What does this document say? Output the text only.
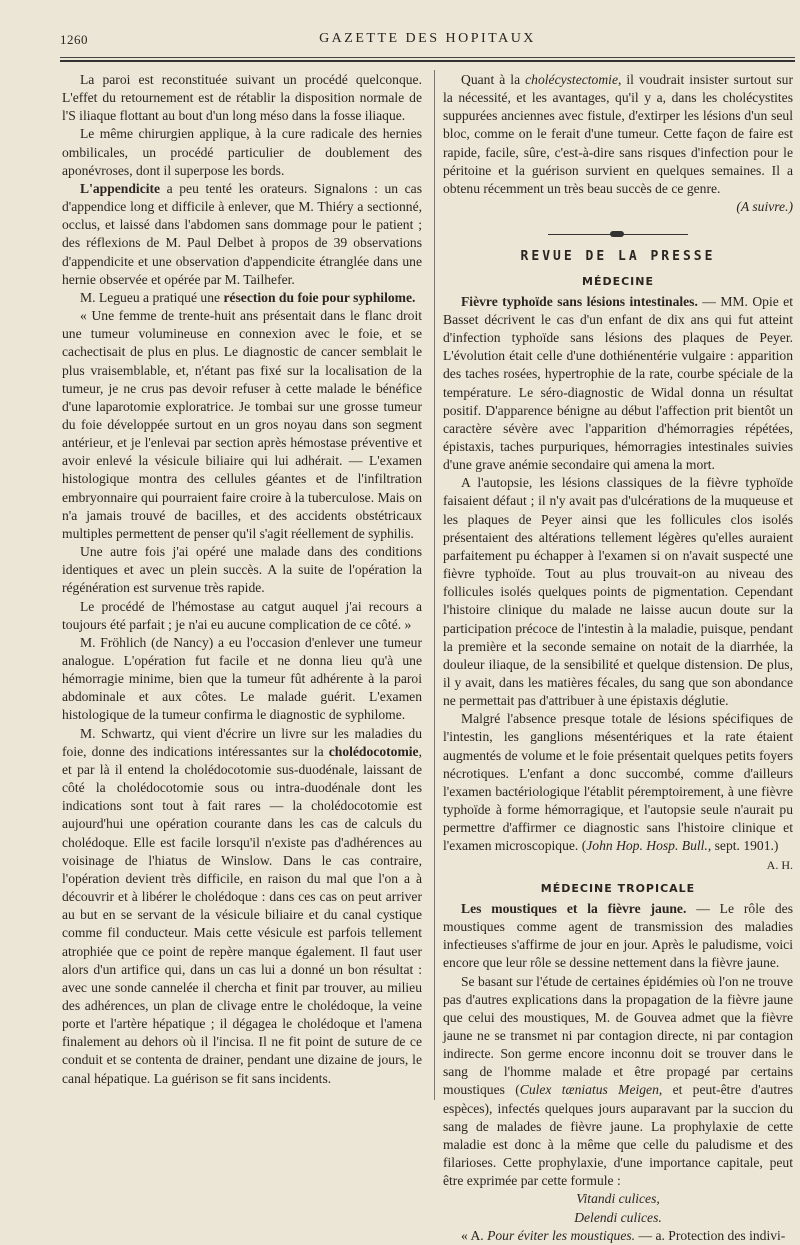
1260	GAZETTE DES HOPITAUX

La paroi est reconstituée suivant un procédé quelconque. L'effet du retournement est de rétablir la disposition normale de l'S iliaque flottant au bout d'un long méso dans la fosse iliaque.

Le même chirurgien applique, à la cure radicale des hernies ombilicales, un procédé particulier de doublement des aponévroses, dont il superpose les bords.

L'appendicite a peu tenté les orateurs. Signalons : un cas d'appendice long et difficile à enlever, que M. Thiéry a sectionné, occlus, et laissé dans l'abdomen sans dommage pour le patient ; des réflexions de M. Paul Delbet à propos de 39 observations d'appendicite et une observation d'appendicite étranglée dans une hernie observée et opérée par M. Tailhefer.

M. Legueu a pratiqué une résection du foie pour syphilome.

« Une femme de trente-huit ans présentait dans le flanc droit une tumeur volumineuse en connexion avec le foie, et se cachectisait de plus en plus. Le diagnostic de cancer semblait le plus vraisemblable, et, n'étant pas fixé sur la localisation de la tumeur, je ne crus pas devoir refuser à cette malade le bénéfice d'une laparotomie exploratrice. Je tombai sur une grosse tumeur du foie développée surtout en un gros noyau dans son segment antérieur, et je l'enlevai par section après hémostase préventive et avoir enlevé la vésicule biliaire qui lui adhérait. — L'examen histologique montra des cellules géantes et de l'infiltration embryonnaire qui pourraient faire croire à la tuberculose. Mais on n'a jamais trouvé de bacilles, et des accidents obstétricaux multiples permettent de penser qu'il s'agit réellement de syphilis.

Une autre fois j'ai opéré une malade dans des conditions identiques et avec un plein succès. A la suite de l'opération la régénération est survenue très rapide.

Le procédé de l'hémostase au catgut auquel j'ai recours a toujours été parfait ; je n'ai eu aucune complication de ce côté. »

M. Fröhlich (de Nancy) a eu l'occasion d'enlever une tumeur analogue. L'opération fut facile et ne donna lieu qu'à une hémorragie minime, bien que la tumeur fût adhérente à la paroi abdominale et aux côtes. Le malade guérit. L'examen histologique de la tumeur confirma le diagnostic de syphilome.

M. Schwartz, qui vient d'écrire un livre sur les maladies du foie, donne des indications intéressantes sur la cholédocotomie, et par là il entend la cholédocotomie sus-duodénale, laissant de côté la cholédocotomie sous ou intra-duodénale dont les indications sont tout à fait rares — la cholédocotomie est aujourd'hui une opération courante dans les cas de calculs du cholédoque. Elle est facile lorsqu'il n'existe pas d'adhérences au voisinage de l'hiatus de Winslow. Dans le cas contraire, l'opération devient très difficile, en raison du mal que l'on a à découvrir et à libérer le cholédoque : dans ces cas on peut arriver au but en se servant de la vésicule biliaire et du canal cystique comme fil conducteur. Mais cette vésicule est parfois tellement atrophiée que ce point de repère manque également. Il faut user alors d'un artifice qui, dans un cas lui a donné un bon résultat : avec une sonde cannelée il chercha et finit par trouver, au milieu des adhérences, un plan de clivage entre le cholédoque, la veine porte et l'artère hépatique ; il dégagea le cholédoque et l'amena finalement au dehors où il l'incisa. Il ne fit point de suture de ce conduit et se contenta de drainer, pendant une dizaine de jours, le canal hépatique. La guérison se fit sans incidents.

Quant à la cholécystectomie, il voudrait insister surtout sur la nécessité, et les avantages, qu'il y a, dans les cholécystites suppurées anciennes avec fistule, d'extirper les lésions d'un seul bloc, comme on le ferait d'une tumeur. Cette façon de faire est rapide, facile, sûre, c'est-à-dire sans risques d'infection pour le péritoine et la guérison survient en quelques semaines. Il a obtenu récemment un très beau succès de ce genre.
(A suivre.)

REVUE DE LA PRESSE
MÉDECINE

Fièvre typhoïde sans lésions intestinales. — MM. Opie et Basset décrivent le cas d'un enfant de dix ans qui fut atteint d'infection typhoïde sans lésions des plaques de Peyer. L'évolution était celle d'une dothiénentérie vulgaire : apparition des taches rosées, hypertrophie de la rate, courbe spéciale de la température. Le séro-diagnostic de Widal donna un résultat positif. D'apparence bénigne au début l'affection prit bientôt un caractère sévère avec l'apparition d'hémorragies répétées, épistaxis, taches purpuriques, hémorragies intestinales suivies d'une grave anémie secondaire qui amena la mort.

A l'autopsie, les lésions classiques de la fièvre typhoïde faisaient défaut ; il n'y avait pas d'ulcérations de la muqueuse et les plaques de Peyer ainsi que les follicules clos isolés présentaient des altérations tellement légères qu'elles auraient parfaitement pu échapper à l'examen si on n'avait suspecté une fièvre typhoïde. Tout au plus trouvait-on au niveau des follicules isolés quelques points de pigmentation. Cependant l'histoire clinique du malade ne laisse aucun doute sur la participation précoce de l'intestin à la maladie, puisque, pendant la première et la seconde semaine on notait de la diarrhée, la douleur iliaque, de la sensibilité et quelque distension. De plus, il y avait, dans les matières fécales, du sang que son abondance ne permettait pas d'attribuer à une épistaxis déglutie.

Malgré l'absence presque totale de lésions spécifiques de l'intestin, les ganglions mésentériques et la rate étaient augmentés de volume et le foie présentait quelques petits foyers nécrotiques. L'enfant a donc succombé, comme d'ailleurs l'examen bactériologique l'établit péremptoirement, à une fièvre typhoïde à forme hémorragique, et l'autopsie seule n'aurait pu permettre d'affirmer ce diagnostic sans l'histoire clinique et l'examen microscopique. (John Hop. Hosp. Bull., sept. 1901.)
A. H.

MÉDECINE TROPICALE

Les moustiques et la fièvre jaune. — Le rôle des moustiques comme agent de transmission des maladies infectieuses s'affirme de jour en jour. Après le paludisme, voici encore que leur rôle se dessine nettement dans la fièvre jaune.

Se basant sur l'étude de certaines épidémies où l'on ne trouve pas d'autres explications dans la propagation de la fièvre jaune que celui des moustiques, M. de Gouvea admet que la fièvre jaune ne se transmet ni par contagion directe, ni par contagion indirecte. Son germe encore inconnu doit se trouver dans le sang de l'homme malade et être propagé par certains moustiques (Culex tæniatus Meigen, et peut-être d'autres espèces), infectés quelques jours auparavant par la succion du sang de malades de fièvre jaune. La prophylaxie de cette maladie est donc à la même que celle du paludisme et des filarioses. Cette prophylaxie, d'une importance capitale, peut être exprimée par cette formule :

Vitandi culices,
Delendi culices.

« A. Pour éviter les moustiques. — a. Protection des indivi-
